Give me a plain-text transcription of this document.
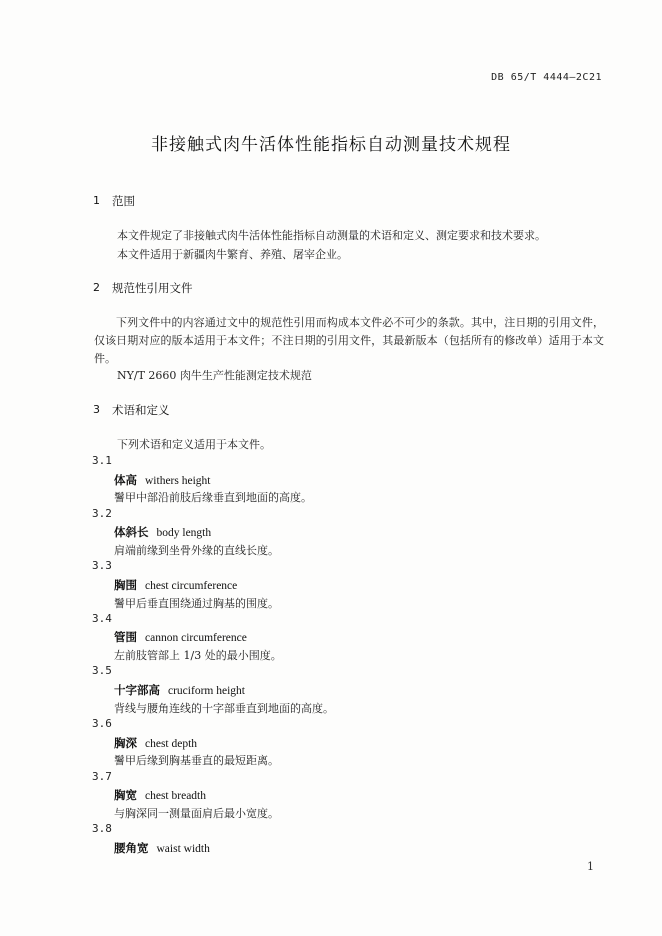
DB 65/T 4444—2C21
非接触式肉牛活体性能指标自动测量技术规程
1 范围
本文件规定了非接触式肉牛活体性能指标自动测量的术语和定义、测定要求和技术要求。
本文件适用于新疆肉牛繁育、养殖、屠宰企业。
2 规范性引用文件
下列文件中的内容通过文中的规范性引用而构成本文件必不可少的条款。其中，注日期的引用文件，仅该日期对应的版本适用于本文件；不注日期的引用文件，其最新版本（包括所有的修改单）适用于本文件。
NY/T 2660 肉牛生产性能测定技术规范
3 术语和定义
下列术语和定义适用于本文件。
3.1
体高 withers height
鬐甲中部沿前肢后缘垂直到地面的高度。
3.2
体斜长 body length
肩端前缘到坐骨外缘的直线长度。
3.3
胸围 chest circumference
鬐甲后垂直围绕通过胸基的围度。
3.4
管围 cannon circumference
左前肢管部上 1/3 处的最小围度。
3.5
十字部高 cruciform height
背线与腰角连线的十字部垂直到地面的高度。
3.6
胸深 chest depth
鬐甲后缘到胸基垂直的最短距离。
3.7
胸宽 chest breadth
与胸深同一测量面肩后最小宽度。
3.8
腰角宽 waist width
1
